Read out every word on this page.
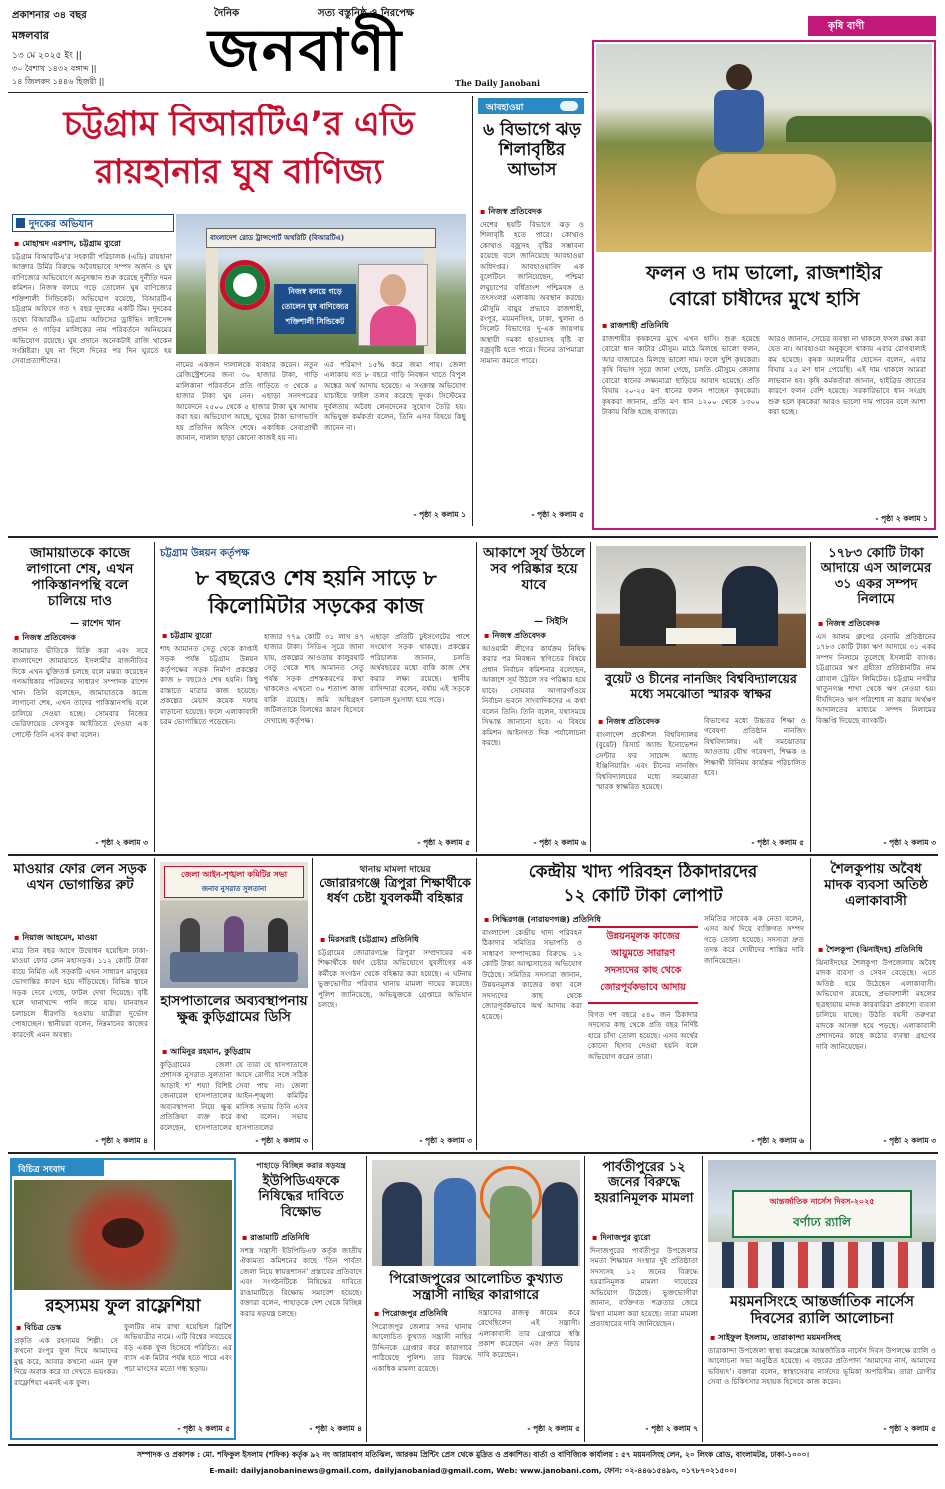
প্রকাশনার ৩৪ বছর
মঙ্গলবার
১৩ মে ২০২৫ ইং ||
৩০ বৈশাখ ১৪৩২ বঙ্গাব্দ ||
১৪ জিলকদ ১৪৪৬ হিজরী ||
দৈনিক	সত্য বস্তুনিষ্ঠ ও নিরপেক্ষ
জনবাণী	The Daily Janobani
কৃষি বাণী
চট্টগ্রাম বিআরটিএ’র এডি
রায়হানার ঘুষ বাণিজ্য
দুদকের অভিযান
▪ মোহাম্মদ এরশাদ, চট্টগ্রাম ব্যুরো
বাংলাদেশ রোড ট্রান্সপোর্ট অথরিটি (বিআরটিএ)
নিজস্ব বলয়ে গড়ে
তোলেন ঘুষ বাণিজ্যের
শক্তিশালী সিন্ডিকেট
চট্টগ্রাম বিআরটিএ’র সহকারী পরিচালক (এডি) রায়হানা আক্তার উর্মির বিরুদ্ধে অবৈধভাবে সম্পদ অর্জন ও ঘুষ বাণিজ্যের অভিযোগে অনুসন্ধান শুরু করেছে দুর্নীতি দমন কমিশন। নিজস্ব বলয়ে গড়ে তোলেন ঘুষ বাণিজ্যের শক্তিশালী সিন্ডিকেট। অভিযোগ রয়েছে, বিআরটিএ চট্টগ্রাম অফিসে গত ৭ বছর দুদকের একটি টিম। দুদকের তথ্যে বিআরটিএ চট্টগ্রাম অফিসের ড্রাইভিং লাইসেন্স প্রদান ও গাড়ির মালিকের নাম পরিবর্তনে অনিয়মের অভিযোগ রয়েছে। ঘুষ প্রদানে অনেকটাই রাজি থাকেন সংশ্লিষ্টরা। ঘুষ না দিলে দিনের পর দিন ঘুরতে হয় সেবাপ্রত্যাশীদের।	নামের একজন দালালকে ব্যবহার করেন। নতুন রেজিস্ট্রেশনের জন্য ৩০ হাজার টাকা, গাড়ি মালিকানা পরিবর্তনে প্রতি গাড়িতে ৩ থেকে ৫ হাজার টাকা ঘুষ নেন। এছাড়া সনদপত্রের আবেদনে ২৫০০ থেকে ৫ হাজার টাকা ঘুষ আদায় করা হয়। অভিযোগ আছে, ঘুষের টাকা ভাগাভাগি হয় প্রতিদিন অফিস শেষে। একাধিক সেবাপ্রার্থী জানান, দালাল ছাড়া কোনো কাজই হয় না।
এর পরিমাণ ১৫% করে জমা পায়। জেলা এলাকায় গত ৮ বছরে গাড়ি নিবন্ধন খাতে বিপুল অঙ্কের অর্থ আদায় হয়েছে। এ সংক্রান্ত অভিযোগ যাচাইয়ে ফাইল তলব করেছে দুদক। সিস্টেমের দুর্বলতায় অবৈধ লেনদেনের সুযোগ তৈরি হয়। অভিযুক্ত কর্মকর্তা বলেন, তিনি এসব বিষয়ে কিছু জানেন না।
- পৃষ্ঠা ২ কলাম ১
আবহাওয়া
৬ বিভাগে ঝড় শিলাবৃষ্টির আভাস
▪ নিজস্ব প্রতিবেদক
দেশের ছয়টি বিভাগে ঝড় ও শিলাবৃষ্টি হতে পারে। কোথাও কোথাও বজ্রসহ বৃষ্টির সম্ভাবনা রয়েছে বলে জানিয়েছে আবহাওয়া অধিদপ্তর। আবহাওয়াবিদ এক বুলেটিনে জানিয়েছেন, পশ্চিমা লঘুচাপের বর্ধিতাংশ পশ্চিমবঙ্গ ও তৎসংলগ্ন এলাকায় অবস্থান করছে। মৌসুমি বায়ুর প্রভাবে রাজশাহী, রংপুর, ময়মনসিংহ, ঢাকা, খুলনা ও সিলেট বিভাগের দু-এক জায়গায় অস্থায়ী দমকা হাওয়াসহ বৃষ্টি বা বজ্রবৃষ্টি হতে পারে। দিনের তাপমাত্রা সামান্য কমতে পারে।
- পৃষ্ঠা ২ কলাম ৫
ফলন ও দাম ভালো, রাজশাহীর
বোরো চাষীদের মুখে হাসি
▪ রাজশাহী প্রতিনিধি
রাজশাহীর কৃষকদের মুখে এখন হাসি। শুরু হয়েছে বোরো ধান কাটার মৌসুম। মাঠে মিলছে ভালো ফলন, আর বাজারেও মিলছে ভালো দাম। ফলে খুশি কৃষকেরা। কৃষি বিভাগ সূত্রে জানা গেছে, চলতি মৌসুমে জেলায় বোরো ধানের লক্ষ্যমাত্রা ছাড়িয়ে আবাদ হয়েছে। প্রতি বিঘায় ২০-২৫ মণ ধানের ফলন পাচ্ছেন কৃষকেরা। কৃষকরা জানান, প্রতি মণ ধান ১২০০ থেকে ১৩০০ টাকায় বিক্রি হচ্ছে বাজারে।
আরও জানান, সেচের ব্যবস্থা না থাকলে ফসল রক্ষা করা যেত না। আবহাওয়া অনুকূলে থাকায় এবার রোগবালাই কম হয়েছে। কৃষক আলমগীর হোসেন বলেন, এবার বিঘায় ২৫ মণ ধান পেয়েছি। এই দাম থাকলে আমরা লাভবান হব। কৃষি কর্মকর্তারা জানান, হাইব্রিড জাতের কারণে ফলন বেশি হয়েছে। সরকারিভাবে ধান সংগ্রহ শুরু হলে কৃষকেরা আরও ভালো দাম পাবেন বলে আশা করা হচ্ছে।
- পৃষ্ঠা ২ কলাম ১
জামায়াতকে কাজে লাগানো শেষ, এখন পাকিস্তানপন্থি বলে চালিয়ে দাও
— রাশেদ খান
▪ নিজস্ব প্রতিবেদক
জামায়াত ভীতিকে বিক্রি করা এবং সবে বাংলাদেশে জামায়াতে ইসলামীর রাজনীতির দিকে এখন যুক্তিতর্ক চলছে বলে মন্তব্য করেছেন গণঅধিকার পরিষদের সাধারণ সম্পাদক রাশেদ খান। তিনি বলেছেন, জামায়াতকে কাজে লাগানো শেষ, এখন তাদের পাকিস্তানপন্থি বলে চালিয়ে দেওয়া হচ্ছে। সোমবার নিজের ভেরিফায়েড ফেসবুক আইডিতে দেওয়া এক পোস্টে তিনি এসব কথা বলেন।
- পৃষ্ঠা ২ কলাম ৩
চট্টগ্রাম উন্নয়ন কর্তৃপক্ষ
৮ বছরেও শেষ হয়নি সাড়ে ৮
কিলোমিটার সড়কের কাজ
▪ চট্টগ্রাম ব্যুরো
শাহ আমানত সেতু থেকে কাপ্তাই সড়ক পর্যন্ত চট্টগ্রাম উন্নয়ন কর্তৃপক্ষের সড়ক নির্মাণ প্রকল্পের কাজ ৮ বছরেও শেষ হয়নি। কিছু রাস্তাতে মাত্রার কাজ হয়েছে। প্রকল্পের মেয়াদ কয়েক দফায় বাড়ানো হয়েছে। ফলে এলাকাবাসী চরম ভোগান্তিতে পড়েছেন।
হাজার ৭৭৯ কোটি ৩১ লাখ ৪৭ হাজার টাকা। সিডিএ সূত্রে জানা যায়, প্রকল্পের আওতায় কালুরঘাট সেতু থেকে শাহ আমানত সেতু পর্যন্ত সড়ক প্রশস্তকরণের কথা থাকলেও এখনো ৩০ শতাংশ কাজ বাকি রয়েছে। জমি অধিগ্রহণ জটিলতাকে বিলম্বের কারণ হিসেবে দেখাচ্ছে কর্তৃপক্ষ।
এছাড়া প্রতিটি ঢুইসগেটের পাশে সংযোগ সড়ক থাকছে। প্রকল্পের পরিচালক জানান, চলতি অর্থবছরের মধ্যে বাকি কাজ শেষ করার লক্ষ্য রয়েছে। স্থানীয় বাসিন্দারা বলেন, বর্ষায় এই সড়কে চলাচল দুঃসাধ্য হয়ে পড়ে।
- পৃষ্ঠা ২ কলাম ৫
আকাশে সূর্য উঠলে সব পরিষ্কার হয়ে যাবে
— সিইসি
▪ নিজস্ব প্রতিবেদক
আওয়ামী লীগের কার্যক্রম নিষিদ্ধ করার পর নিবন্ধন স্থগিতের বিষয়ে প্রধান নির্বাচন কমিশনার বলেছেন, আকাশে সূর্য উঠলে সব পরিষ্কার হয়ে যাবে। সোমবার আগারগাঁওয়ে নির্বাচন ভবনে সাংবাদিকদের এ কথা বলেন তিনি। তিনি বলেন, যথাসময়ে সিদ্ধান্ত জানানো হবে। এ বিষয়ে কমিশন আইনগত দিক পর্যালোচনা করছে।
- পৃষ্ঠা ২ কলাম ৬
বুয়েট ও চীনের নানজিং বিশ্ববিদ্যালয়ের মধ্যে সমঝোতা স্মারক স্বাক্ষর
▪ নিজস্ব প্রতিবেদক
বাংলাদেশ প্রকৌশল বিশ্ববিদ্যালয় (বুয়েট) রিসার্চ অ্যান্ড ইনোভেশন সেন্টার ফর সায়েন্স অ্যান্ড ইঞ্জিনিয়ারিং এবং চীনের নানজিং বিশ্ববিদ্যালয়ের মধ্যে সমঝোতা স্মারক স্বাক্ষরিত হয়েছে।
বিভাগের মধ্যে উচ্চতর শিক্ষা ও গবেষণা প্রতিষ্ঠান নানজিং বিশ্ববিদ্যালয়। এই সমঝোতার আওতায় যৌথ গবেষণা, শিক্ষক ও শিক্ষার্থী বিনিময় কার্যক্রম পরিচালিত হবে।
- পৃষ্ঠা ২ কলাম ৫
১৭৮৩ কোটি টাকা আদায়ে এস আলমের ৩১ একর সম্পদ নিলামে
▪ নিজস্ব প্রতিবেদক
এস আলম গ্রুপের বেনামি প্রতিষ্ঠানের ১৭৮৩ কোটি টাকা ঋণ আদায়ে ৩১ একর সম্পদ নিলামে তুলেছে ইসলামী ব্যাংক। চট্টগ্রামের ঋণ গ্রহীতা প্রতিষ্ঠানটির নাম গ্লোবাল ট্রেডিং লিমিটেড। চট্টগ্রাম নগরীর খাতুনগঞ্জ শাখা থেকে ঋণ নেওয়া হয়। দীর্ঘদিনেও ঋণ পরিশোধ না করায় অর্থঋণ আদালতের মাধ্যমে সম্পদ নিলামের বিজ্ঞপ্তি দিয়েছে ব্যাংকটি।
- পৃষ্ঠা ২ কলাম ৩
মাওয়ার ফোর লেন সড়ক এখন ভোগান্তির রুট
▪ নিয়াজ আহমেদ, মাওয়া
মাত্র তিন বছর আগে উদ্বোধন হয়েছিল ঢাকা-মাওয়া ফোর লেন মহাসড়ক। ১১২ কোটি টাকা ব্যয়ে নির্মিত এই সড়কটি এখন সাধারণ মানুষের ভোগান্তির কারণ হয়ে দাঁড়িয়েছে। বিভিন্ন স্থানে সড়ক দেবে গেছে, ফাটল দেখা দিয়েছে। বৃষ্টি হলে খানাখন্দে পানি জমে যায়। যানবাহন চলাচলে ধীরগতি হওয়ায় যাত্রীরা দুর্ভোগ পোহাচ্ছেন। স্থানীয়রা বলেন, নিম্নমানের কাজের কারণেই এমন অবস্থা।
- পৃষ্ঠা ২ কলাম ৪
জেলা আইন-শৃঙ্খলা কমিটির সভা
জনাব নুসরাত সুলতানা
হাসপাতালের অব্যবস্থাপনায় ক্ষুব্ধ কুড়িগ্রামের ডিসি
▪ আমিনুর রহমান, কুড়িগ্রাম
কুড়িগ্রামের জেলা প্রশাসক নুসরাত সুলতানা আড়াই শ’ শয্যা বিশিষ্ট জেনারেল হাসপাতালের অব্যবস্থাপনা নিয়ে ক্ষুব্ধ প্রতিক্রিয়া ব্যক্ত করে বলেছেন, হাসপাতালের
যে তারা যে হাসপাতালে আসে রোগীর সঙ্গে সঠিক সেবা পায় না। জেলা আইন-শৃঙ্খলা কমিটির মাসিক সভায় তিনি এসব কথা বলেন। সভায় হাসপাতালের
- পৃষ্ঠা ২ কলাম ৩
থানায় মামলা দায়ের
জোরারগঞ্জে ত্রিপুরা শিক্ষার্থীকে ধর্ষণ চেষ্টা যুবলকর্মী বহিষ্কার
▪ মিরসরাই (চট্টগ্রাম) প্রতিনিধি
চট্টগ্রামের জোরারগঞ্জে ত্রিপুরা সম্প্রদায়ের এক শিক্ষার্থীকে ধর্ষণ চেষ্টার অভিযোগে যুবলীগের এক কর্মীকে সংগঠন থেকে বহিষ্কার করা হয়েছে। এ ঘটনায় ভুক্তভোগীর পরিবার থানায় মামলা দায়ের করেছে। পুলিশ জানিয়েছে, অভিযুক্তকে গ্রেপ্তারে অভিযান চলছে।
- পৃষ্ঠা ২ কলাম ৩
কেন্দ্রীয় খাদ্য পরিবহন ঠিকাদারদের
১২ কোটি টাকা লোপাট
▪ সিদ্ধিরগঞ্জ (নারায়ণগঞ্জ) প্রতিনিধি
বাংলাদেশ কেন্দ্রীয় খাদ্য পরিবহন ঠিকাদার সমিতির সভাপতি ও সাধারণ সম্পাদকের বিরুদ্ধে ১২ কোটি টাকা আত্মসাতের অভিযোগ উঠেছে। সমিতির সদস্যরা জানান, উন্নয়নমূলক কাজের কথা বলে সদস্যদের কাছ থেকে জোরপূর্বকভাবে অর্থ আদায় করা হয়েছে।
উন্নয়নমূলক কাজের
আয়ুমতে সারারণ
সদস্যদের কাছ থেকে
জোরপূর্বকভাবে আদায়
বিগত দশ বছরে ৫৪০ জন ঠিকাদার সদস্যের কাছ থেকে প্রতি বছর নির্দিষ্ট হারে চাঁদা তোলা হয়েছে। এসব অর্থের কোনো হিসাব দেওয়া হয়নি বলে অভিযোগ করেন তারা।
সমিতির সাবেক এক নেতা বলেন, এসব অর্থ দিয়ে ব্যক্তিগত সম্পদ গড়ে তোলা হয়েছে। সদস্যরা দ্রুত তদন্ত করে দোষীদের শাস্তির দাবি জানিয়েছেন।
- পৃষ্ঠা ২ কলাম ৬
শৈলকুপায় অবৈধ মাদক ব্যবসা অতিষ্ঠ এলাকাবাসী
▪ শৈলকুপা (ঝিনাইদহ) প্রতিনিধি
ঝিনাইদহের শৈলকুপা উপজেলায় অবৈধ মাদক ব্যবসা ও সেবন বেড়েছে। এতে অতিষ্ঠ হয়ে উঠেছেন এলাকাবাসী। অভিযোগ রয়েছে, প্রভাবশালী মহলের ছত্রছায়ায় মাদক কারবারিরা প্রকাশ্যে ব্যবসা চালিয়ে যাচ্ছে। উঠতি বয়সী তরুণরা মাদকে আসক্ত হয়ে পড়ছে। এলাকাবাসী প্রশাসনের কাছে কঠোর ব্যবস্থা গ্রহণের দাবি জানিয়েছেন।
- পৃষ্ঠা ২ কলাম ৩
বিচিত্র সংবাদ
রহস্যময় ফুল রাফ্লেশিয়া
▪ বিচিত্র ডেস্ক
প্রকৃতি এক রহস্যময় শিল্পী। সে কখনো রংপুর ফুল দিয়ে আমাদের মুগ্ধ করে, আবার কখনো এমন ফুল দিয়ে অবাক করে যা দেখতে ভয়ংকর। রাফ্লেশিয়া এমনই এক ফুল।
ফুলটির নাম রাখা হয়েছিল ব্রিটিশ অভিযাত্রীর নামে। এটি বিশ্বের সবচেয়ে বড় একক ফুল হিসেবে পরিচিত। এর ব্যাস এক মিটার পর্যন্ত হতে পারে এবং পচা মাংসের মতো গন্ধ ছড়ায়।
- পৃষ্ঠা ২ কলাম ৫
পাহাড়ে বিচ্ছিন্ন করার ষড়যন্ত্র
ইউপিডিএফকে নিষিদ্ধের দাবিতে বিক্ষোভ
▪ রাঙামাটি প্রতিনিধি
সশস্ত্র সন্ত্রাসী ইউপিডিএফ কর্তৃক জাতীয় ঐক্যমত্য কমিশনের কাছে ‘তিন পার্বত্য জেলা নিয়ে স্বায়ত্তশাসন’ প্রস্তাবের প্রতিবাদে এবং সংগঠনটিকে নিষিদ্ধের দাবিতে রাঙামাটিতে বিক্ষোভ সমাবেশ হয়েছে। বক্তারা বলেন, পাহাড়কে দেশ থেকে বিচ্ছিন্ন করার ষড়যন্ত্র চলছে।
- পৃষ্ঠা ২ কলাম ৪
পিরোজপুরের আলোচিত কুখ্যাত সন্ত্রাসী নাছির কারাগারে
▪ পিরোজপুর প্রতিনিধি
পিরোজপুর জেলার সদর থানায় আলোচিত কুখ্যাত সন্ত্রাসী নাছির উদ্দিনকে গ্রেপ্তার করে কারাগারে পাঠিয়েছে পুলিশ। তার বিরুদ্ধে একাধিক মামলা রয়েছে।
সন্ত্রাসের রাজত্ব কায়েম করে রেখেছিলেন এই সন্ত্রাসী। এলাকাবাসী তার গ্রেপ্তারে স্বস্তি প্রকাশ করেছেন এবং দ্রুত বিচার দাবি করেছেন।
- পৃষ্ঠা ২ কলাম ৫
পার্বতীপুরের ১২ জনের বিরুদ্ধে হয়রানিমূলক মামলা
▪ দিনাজপুর ব্যুরো
দিনাজপুরের পার্বতীপুর উপজেলার সমতা শিক্ষায়ন সংস্থার দুই প্রতিষ্ঠাতা সদস্যসহ ১২ জনের বিরুদ্ধে হয়রানিমূলক মামলা দায়েরের অভিযোগ উঠেছে। ভুক্তভোগীরা জানান, ব্যক্তিগত শত্রুতার জেরে মিথ্যা মামলা করা হয়েছে। তারা মামলা প্রত্যাহারের দাবি জানিয়েছেন।
- পৃষ্ঠা ২ কলাম ৭
আন্তর্জাতিক নার্সেস দিবস-২০২৫
বর্ণাঢ্য র‌্যালি
ময়মনসিংহে আন্তর্জাতিক নার্সেস দিবসের র‌্যালি আলোচনা
▪ সাইফুল ইসলাম, তারাকান্দা ময়মনসিংহ
তারাকান্দা উপজেলা স্বাস্থ্য কমপ্লেক্সে আন্তর্জাতিক নার্সেস দিবস উপলক্ষে র‌্যালি ও আলোচনা সভা অনুষ্ঠিত হয়েছে। এ বছরের প্রতিপাদ্য ‘আমাদের নার্স, আমাদের ভবিষ্যৎ’। বক্তারা বলেন, স্বাস্থ্যসেবায় নার্সদের ভূমিকা অপরিসীম। তারা রোগীর সেবা ও চিকিৎসার সহায়ক হিসেবে কাজ করেন।
- পৃষ্ঠা ২ কলাম ৫
সম্পাদক ও প্রকাশক : মো. শফিকুল ইসলাম (শফিক) কর্তৃক ৯২ নং আরামবাগ মতিঝিল, আরকম প্রিন্টিং প্রেস থেকে মুদ্রিত ও প্রকাশিত। বার্তা ও বাণিজ্যিক কার্যালয় : ৫৭ ময়মনসিংহ লেন, ২০ লিংক রোড, বাংলামটর, ঢাকা-১০০০।
E-mail: dailyjanobaninews@gmail.com, dailyjanobaniad@gmail.com, Web: www.janobani.com, ফোন: ০২-৪৪৬১৫৪৯৩, ০১৭৮৭০২১৫০০।
